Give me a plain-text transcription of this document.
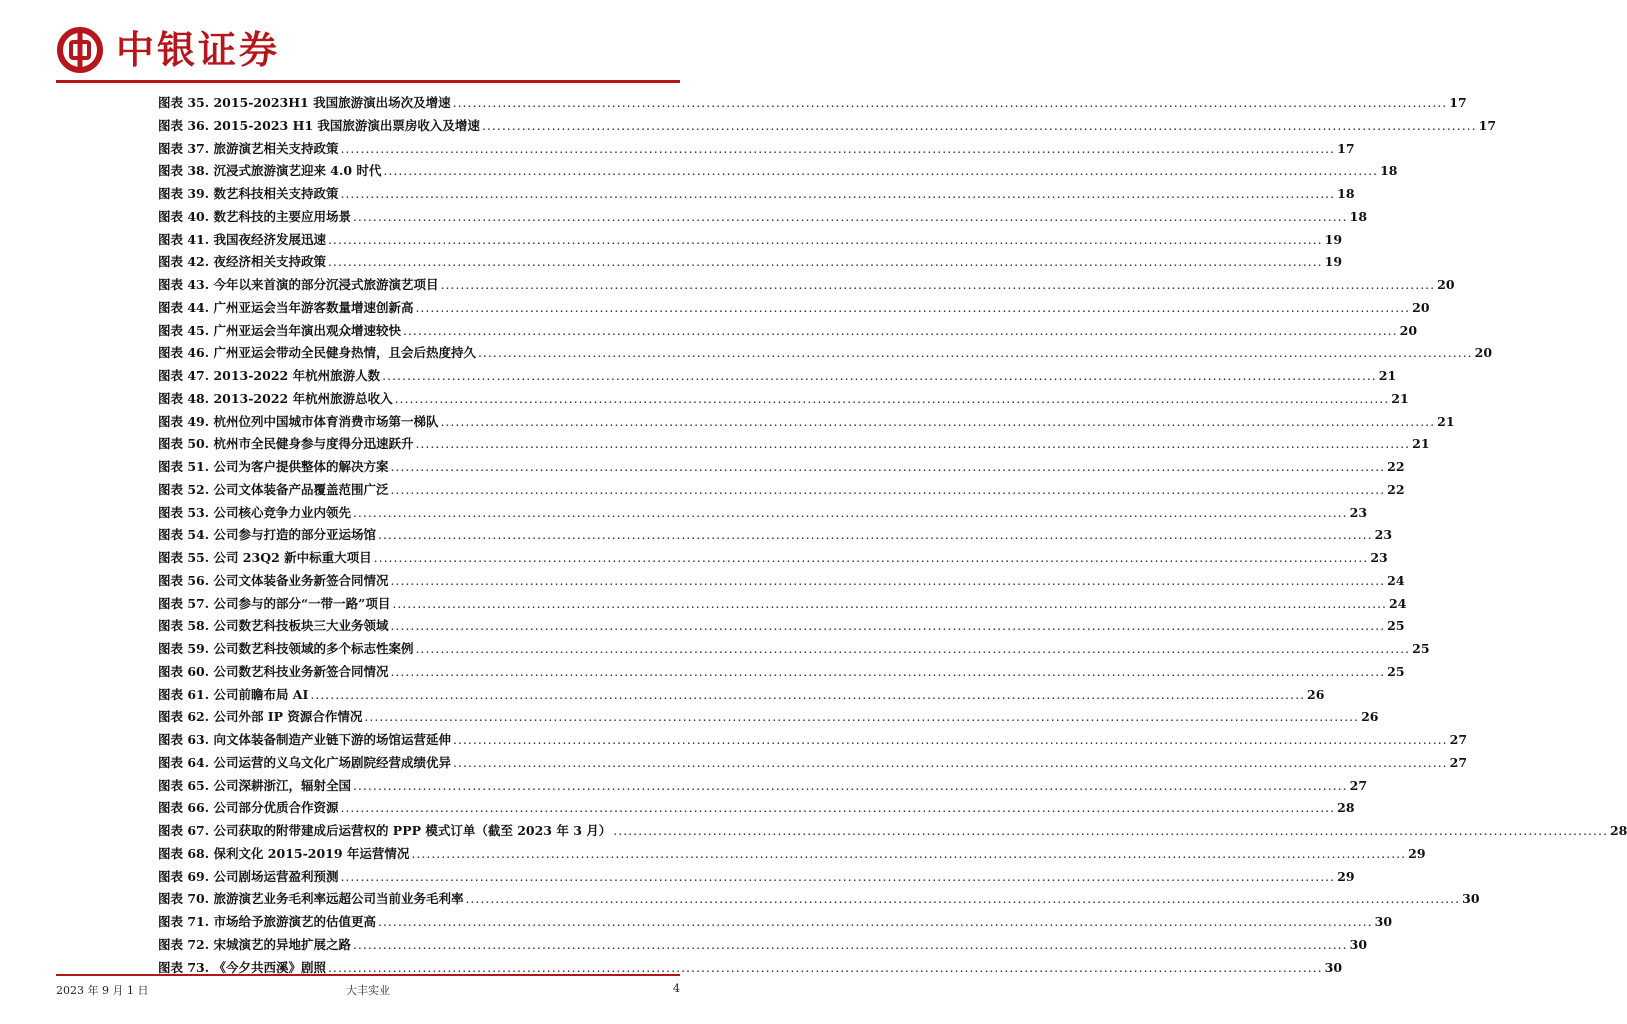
中银证券
图表 35. 2015-2023H1 我国旅游演出场次及增速 ........................................................................................................................................................................................................ 17
图表 36. 2015-2023 H1 我国旅游演出票房收入及增速 ........................................................................................................................................................................................................ 17
图表 37. 旅游演艺相关支持政策 ........................................................................................................................................................................................................ 17
图表 38. 沉浸式旅游演艺迎来 4.0 时代 ........................................................................................................................................................................................................ 18
图表 39. 数艺科技相关支持政策 ........................................................................................................................................................................................................ 18
图表 40. 数艺科技的主要应用场景 ........................................................................................................................................................................................................ 18
图表 41. 我国夜经济发展迅速 ........................................................................................................................................................................................................ 19
图表 42. 夜经济相关支持政策 ........................................................................................................................................................................................................ 19
图表 43. 今年以来首演的部分沉浸式旅游演艺项目 ........................................................................................................................................................................................................ 20
图表 44. 广州亚运会当年游客数量增速创新高 ........................................................................................................................................................................................................ 20
图表 45. 广州亚运会当年演出观众增速较快 ........................................................................................................................................................................................................ 20
图表 46. 广州亚运会带动全民健身热情，且会后热度持久 ........................................................................................................................................................................................................ 20
图表 47. 2013-2022 年杭州旅游人数 ........................................................................................................................................................................................................ 21
图表 48. 2013-2022 年杭州旅游总收入 ........................................................................................................................................................................................................ 21
图表 49. 杭州位列中国城市体育消费市场第一梯队 ........................................................................................................................................................................................................ 21
图表 50. 杭州市全民健身参与度得分迅速跃升 ........................................................................................................................................................................................................ 21
图表 51. 公司为客户提供整体的解决方案 ........................................................................................................................................................................................................ 22
图表 52. 公司文体装备产品覆盖范围广泛 ........................................................................................................................................................................................................ 22
图表 53. 公司核心竞争力业内领先 ........................................................................................................................................................................................................ 23
图表 54. 公司参与打造的部分亚运场馆 ........................................................................................................................................................................................................ 23
图表 55. 公司 23Q2 新中标重大项目 ........................................................................................................................................................................................................ 23
图表 56. 公司文体装备业务新签合同情况 ........................................................................................................................................................................................................ 24
图表 57. 公司参与的部分“一带一路”项目 ........................................................................................................................................................................................................ 24
图表 58. 公司数艺科技板块三大业务领域 ........................................................................................................................................................................................................ 25
图表 59. 公司数艺科技领域的多个标志性案例 ........................................................................................................................................................................................................ 25
图表 60. 公司数艺科技业务新签合同情况 ........................................................................................................................................................................................................ 25
图表 61. 公司前瞻布局 AI ........................................................................................................................................................................................................ 26
图表 62. 公司外部 IP 资源合作情况 ........................................................................................................................................................................................................ 26
图表 63. 向文体装备制造产业链下游的场馆运营延伸 ........................................................................................................................................................................................................ 27
图表 64. 公司运营的义乌文化广场剧院经营成绩优异 ........................................................................................................................................................................................................ 27
图表 65. 公司深耕浙江，辐射全国 ........................................................................................................................................................................................................ 27
图表 66. 公司部分优质合作资源 ........................................................................................................................................................................................................ 28
图表 67. 公司获取的附带建成后运营权的 PPP 模式订单（截至 2023 年 3 月） ........................................................................................................................................................................................................ 28
图表 68. 保利文化 2015-2019 年运营情况 ........................................................................................................................................................................................................ 29
图表 69. 公司剧场运营盈利预测 ........................................................................................................................................................................................................ 29
图表 70. 旅游演艺业务毛利率远超公司当前业务毛利率 ........................................................................................................................................................................................................ 30
图表 71. 市场给予旅游演艺的估值更高 ........................................................................................................................................................................................................ 30
图表 72. 宋城演艺的异地扩展之路 ........................................................................................................................................................................................................ 30
图表 73. 《今夕共西溪》剧照 ........................................................................................................................................................................................................ 30
2023 年 9 月 1 日	大丰实业	4
